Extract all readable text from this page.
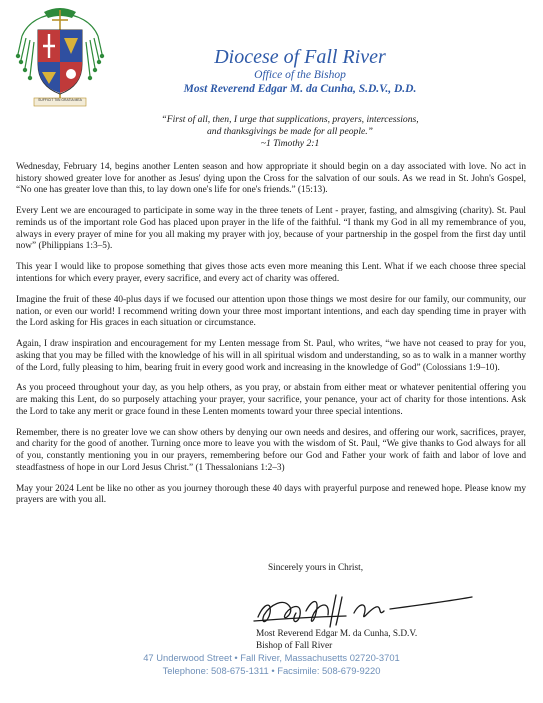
SUFFICIT TIBI GRATIA MEA
Diocese of Fall River
Office of the Bishop
Most Reverend Edgar M. da Cunha, S.D.V., D.D.
“First of all, then, I urge that supplications, prayers, intercessions,
and thanksgivings be made for all people.”
~1 Timothy 2:1

Wednesday, February 14, begins another Lenten season and how appropriate it should begin on a day associated with love. No act in history showed greater love for another as Jesus' dying upon the Cross for the salvation of our souls. As we read in St. John's Gospel, “No one has greater love than this, to lay down one's life for one's friends.” (15:13).

Every Lent we are encouraged to participate in some way in the three tenets of Lent - prayer, fasting, and almsgiving (charity). St. Paul reminds us of the important role God has placed upon prayer in the life of the faithful. “I thank my God in all my remembrance of you, always in every prayer of mine for you all making my prayer with joy, because of your partnership in the gospel from the first day until now” (Philippians 1:3–5).

This year I would like to propose something that gives those acts even more meaning this Lent. What if we each choose three special intentions for which every prayer, every sacrifice, and every act of charity was offered.

Imagine the fruit of these 40-plus days if we focused our attention upon those things we most desire for our family, our community, our nation, or even our world! I recommend writing down your three most important intentions, and each day spending time in prayer with the Lord asking for His graces in each situation or circumstance.

Again, I draw inspiration and encouragement for my Lenten message from St. Paul, who writes, “we have not ceased to pray for you, asking that you may be filled with the knowledge of his will in all spiritual wisdom and understanding, so as to walk in a manner worthy of the Lord, fully pleasing to him, bearing fruit in every good work and increasing in the knowledge of God” (Colossians 1:9–10).

As you proceed throughout your day, as you help others, as you pray, or abstain from either meat or whatever penitential offering you are making this Lent, do so purposely attaching your prayer, your sacrifice, your penance, your act of charity for those intentions. Ask the Lord to take any merit or grace found in these Lenten moments toward your three special intentions.

Remember, there is no greater love we can show others by denying our own needs and desires, and offering our work, sacrifices, prayer, and charity for the good of another. Turning once more to leave you with the wisdom of St. Paul, “We give thanks to God always for all of you, constantly mentioning you in our prayers, remembering before our God and Father your work of faith and labor of love and steadfastness of hope in our Lord Jesus Christ.” (1 Thessalonians 1:2–3)

May your 2024 Lent be like no other as you journey thorough these 40 days with prayerful purpose and renewed hope. Please know my prayers are with you all.

Sincerely yours in Christ,
Most Reverend Edgar M. da Cunha, S.D.V.
Bishop of Fall River
47 Underwood Street • Fall River, Massachusetts 02720-3701
Telephone: 508-675-1311 • Facsimile: 508-679-9220
